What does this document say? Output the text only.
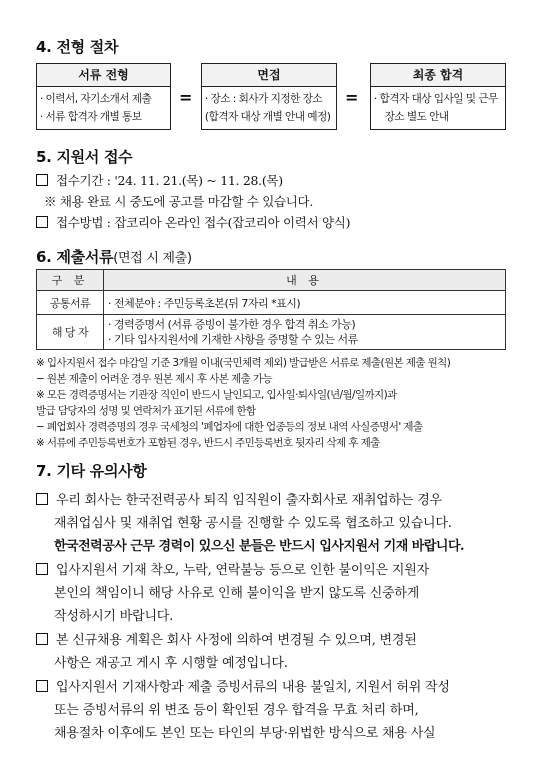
4. 전형 절차
서류 전형
· 이력서, 자기소개서 제출
· 서류 합격자 개별 통보
=
면접
· 장소 : 회사가 지정한 장소
(합격자 대상 개별 안내 예정)
=
최종 합격
· 합격자 대상 입사일 및 근무
장소 별도 안내
5. 지원서 접수
접수기간 : '24. 11. 21.(목) ~ 11. 28.(목)
※ 채용 완료 시 중도에 공고를 마감할 수 있습니다.
접수방법 : 잡코리아 온라인 접수(잡코리아 이력서 양식)
6. 제출서류(면접 시 제출)
구 분	내 용
공통서류	· 전체분야 : 주민등록초본(뒤 7자리 *표시)
해 당 자	· 경력증명서 (서류 증빙이 불가한 경우 합격 취소 가능)
· 기타 입사지원서에 기재한 사항을 증명할 수 있는 서류
※ 입사지원서 접수 마감일 기준 3개월 이내(국민체력 제외) 발급받은 서류로 제출(원본 제출 원칙)
− 원본 제출이 어려운 경우 원본 제시 후 사본 제출 가능
※ 모든 경력증명서는 기관장 직인이 반드시 날인되고, 입사일·퇴사일(년/월/일까지)과
발급 담당자의 성명 및 연락처가 표기된 서류에 한함
− 폐업회사 경력증명의 경우 국세청의 '폐업자에 대한 업종등의 정보 내역 사실증명서' 제출
※ 서류에 주민등록번호가 포함된 경우, 반드시 주민등록번호 뒷자리 삭제 후 제출
7. 기타 유의사항
우리 회사는 한국전력공사 퇴직 임직원이 출자회사로 재취업하는 경우
재취업심사 및 재취업 현황 공시를 진행할 수 있도록 협조하고 있습니다.
한국전력공사 근무 경력이 있으신 분들은 반드시 입사지원서 기재 바랍니다.
입사지원서 기재 착오, 누락, 연락불능 등으로 인한 불이익은 지원자
본인의 책임이니 해당 사유로 인해 불이익을 받지 않도록 신중하게
작성하시기 바랍니다.
본 신규채용 계획은 회사 사정에 의하여 변경될 수 있으며, 변경된
사항은 재공고 게시 후 시행할 예정입니다.
입사지원서 기재사항과 제출 증빙서류의 내용 불일치, 지원서 허위 작성
또는 증빙서류의 위 변조 등이 확인된 경우 합격을 무효 처리 하며,
채용절차 이후에도 본인 또는 타인의 부당·위법한 방식으로 채용 사실
